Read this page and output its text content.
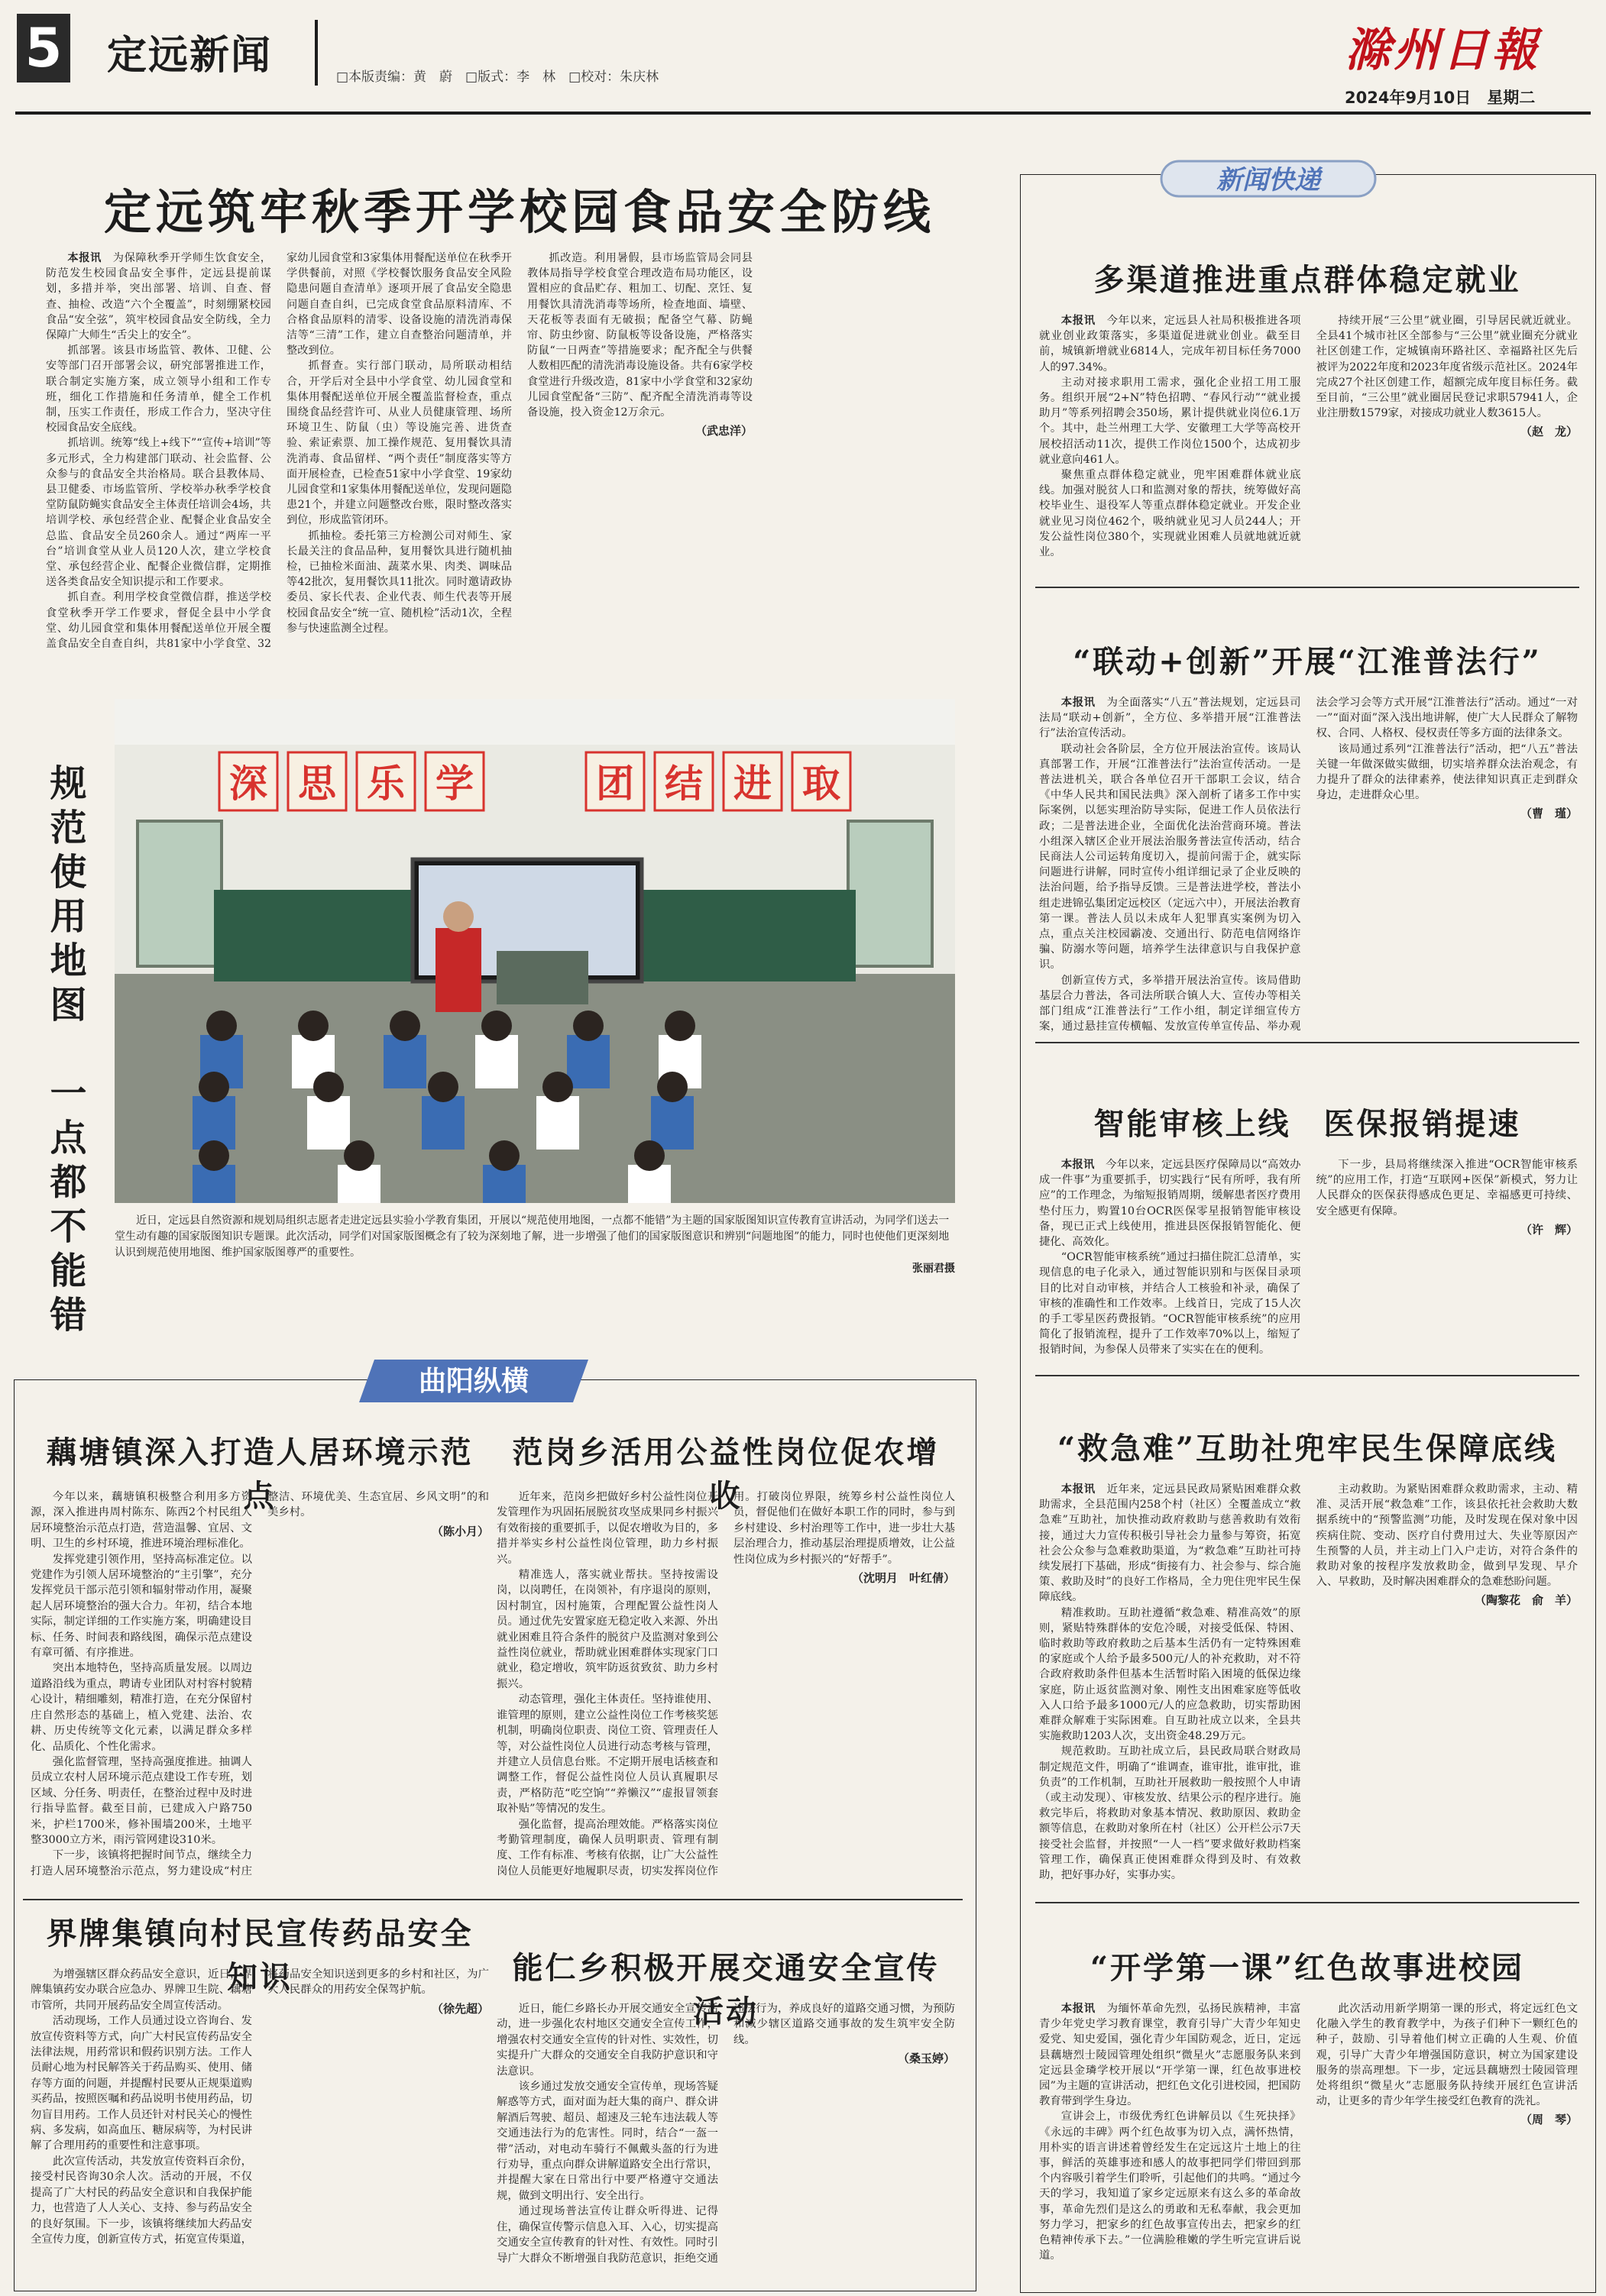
5 定远新闻	□本版责编：黄　蔚　□版式：李　林　□校对：朱庆林	滁州日報
2024年9月10日　星期二
定远筑牢秋季开学校园食品安全防线

本报讯　 为保障秋季开学师生饮食安全，防范发生校园食品安全事件，定远县提前谋划，多措并举，突出部署、培训、自查、督查、抽检、改造“六个全覆盖”，时刻绷紧校园食品“安全弦”，筑牢校园食品安全防线，全力保障广大师生“舌尖上的安全”。

抓部署。该县市场监管、教体、卫健、公安等部门召开部署会议，研究部署推进工作，联合制定实施方案，成立领导小组和工作专班，细化工作措施和任务清单，健全工作机制，压实工作责任，形成工作合力，坚决守住校园食品安全底线。

抓培训。统筹“线上+线下”“宣传+培训”等多元形式，全力构建部门联动、社会监督、公众参与的食品安全共治格局。联合县教体局、县卫健委、市场监管所、学校举办秋季学校食堂防鼠防蝇实食品安全主体责任培训会4场，共培训学校、承包经营企业、配餐企业食品安全总监、食品安全员260余人。通过“两库一平台”培训食堂从业人员120人次，建立学校食堂、承包经营企业、配餐企业微信群，定期推送各类食品安全知识提示和工作要求。

抓自查。利用学校食堂微信群，推送学校食堂秋季开学工作要求，督促全县中小学食堂、幼儿园食堂和集体用餐配送单位开展全覆盖食品安全自查自纠，共81家中小学食堂、32家幼儿园食堂和3家集体用餐配送单位在秋季开学供餐前，对照《学校餐饮服务食品安全风险隐患问题自查清单》逐项开展了食品安全隐患问题自查自纠，已完成食堂食品原料清库、不合格食品原料的清零、设备设施的清洗消毒保洁等“三清”工作，建立自查整治问题清单，并整改到位。

抓督查。实行部门联动，局所联动相结合，开学后对全县中小学食堂、幼儿园食堂和集体用餐配送单位开展全覆盖监督检查，重点围绕食品经营许可、从业人员健康管理、场所环境卫生、防鼠（虫）等设施完善、进货查验、索证索票、加工操作规范、复用餐饮具清洗消毒、食品留样、“两个责任”制度落实等方面开展检查，已检查51家中小学食堂、19家幼儿园食堂和1家集体用餐配送单位，发现问题隐患21个，并建立问题整改台账，限时整改落实到位，形成监管闭环。

抓抽检。委托第三方检测公司对师生、家长最关注的食品品种，复用餐饮具进行随机抽检，已抽检米面油、蔬菜水果、肉类、调味品等42批次，复用餐饮具11批次。同时邀请政协委员、家长代表、企业代表、师生代表等开展校园食品安全“统一宣、随机检”活动1次，全程参与快速监测全过程。

抓改造。利用暑假，县市场监管局会同县教体局指导学校食堂合理改造布局功能区，设置相应的食品贮存、粗加工、切配、烹饪、复用餐饮具清洗消毒等场所，检查地面、墙壁、天花板等表面有无破损；配备空气幕、防蝇帘、防虫纱窗、防鼠板等设备设施，严格落实防鼠“一日两查”等措施要求；配齐配全与供餐人数相匹配的清洗消毒设施设备。共有6家学校食堂进行升级改造，81家中小学食堂和32家幼儿园食堂配备“三防”、配齐配全清洗消毒等设备设施，投入资金12万余元。

（武忠洋）
规范使用地图　一点都不能错	深 思 乐 学	团 结 进 取
近日，定远县自然资源和规划局组织志愿者走进定远县实验小学教育集团，开展以“规范使用地图，一点都不能错”为主题的国家版图知识宣传教育宣讲活动，为同学们送去一堂生动有趣的国家版图知识专题课。此次活动，同学们对国家版图概念有了较为深刻地了解，进一步增强了他们的国家版图意识和辨别“问题地图”的能力，同时也使他们更深刻地认识到规范使用地图、维护国家版图尊严的重要性。
张丽君摄
曲阳纵横
藕塘镇深入打造人居环境示范点

今年以来，藕塘镇积极整合利用多方资源，深入推进冉周村陈东、陈西2个村民组人居环境整治示范点打造，营造温馨、宜居、文明、卫生的乡村环境，推进环境治理标准化。

发挥党建引领作用，坚持高标准定位。以党建作为引领人居环境整治的“主引擎”，充分发挥党员干部示范引领和辐射带动作用，凝聚起人居环境整治的强大合力。年初，结合本地实际，制定详细的工作实施方案，明确建设目标、任务、时间表和路线图，确保示范点建设有章可循、有序推进。

突出本地特色，坚持高质量发展。以周边道路沿线为重点，聘请专业团队对村容村貌精心设计，精细雕刻，精准打造，在充分保留村庄自然形态的基础上，植入党建、法治、农耕、历史传统等文化元素，以满足群众多样化、品质化、个性化需求。

强化监督管理，坚持高强度推进。抽调人员成立农村人居环境示范点建设工作专班，划区域、分任务、明责任，在整治过程中及时进行指导监督。截至目前，已建成入户路750米，护栏1700米，修补围墙200米，土地平整3000立方米，雨污管网建设310米。

下一步，该镇将把握时间节点，继续全力打造人居环境整治示范点，努力建设成“村庄整洁、环境优美、生态宜居、乡风文明”的和美乡村。

（陈小月）
范岗乡活用公益性岗位促农增收

近年来，范岗乡把做好乡村公益性岗位开发管理作为巩固拓展脱贫攻坚成果同乡村振兴有效衔接的重要抓手，以促农增收为目的，多措并举实乡村公益性岗位管理，助力乡村振兴。

精准选人，落实就业帮扶。坚持按需设岗，以岗聘任，在岗领补，有序退岗的原则，因村制宜，因村施策，合理配置公益性岗人员。通过优先安置家庭无稳定收入来源、外出就业困难且符合条件的脱贫户及监测对象到公益性岗位就业，帮助就业困难群体实现家门口就业，稳定增收，筑牢防返贫致贫、助力乡村振兴。

动态管理，强化主体责任。坚持谁使用、谁管理的原则，建立公益性岗位工作考核奖惩机制，明确岗位职责、岗位工资、管理责任人等，对公益性岗位人员进行动态考核与管理，并建立人员信息台账。不定期开展电话核查和调整工作，督促公益性岗位人员认真履职尽责，严格防范“吃空饷”“养懒汉”“虚报冒领套取补贴”等情况的发生。

强化监督，提高治理效能。严格落实岗位考勤管理制度，确保人员明职责、管理有制度、工作有标准、考核有依据，让广大公益性岗位人员能更好地履职尽责，切实发挥岗位作用。打破岗位界限，统筹乡村公益性岗位人员，督促他们在做好本职工作的同时，参与到乡村建设、乡村治理等工作中，进一步壮大基层治理合力，推动基层治理提质增效，让公益性岗位成为乡村振兴的“好帮手”。

（沈明月　叶红倩）
界牌集镇向村民宣传药品安全知识

为增强辖区群众药品安全意识，近日，界牌集镇药安办联合应急办、界牌卫生院、藕塘市管所，共同开展药品安全周宣传活动。

活动现场，工作人员通过设立咨询台、发放宣传资料等方式，向广大村民宣传药品安全法律法规，用药常识和假药识别方法。工作人员耐心地为村民解答关于药品购买、使用、储存等方面的问题，并提醒村民要从正规渠道购买药品，按照医嘱和药品说明书使用药品，切勿盲目用药。工作人员还针对村民关心的慢性病、多发病，如高血压、糖尿病等，为村民讲解了合理用药的重要性和注意事项。

此次宣传活动，共发放宣传资料百余份，接受村民咨询30余人次。活动的开展，不仅提高了广大村民的药品安全意识和自我保护能力，也营造了人人关心、支持、参与药品安全的良好氛围。下一步，该镇将继续加大药品安全宣传力度，创新宣传方式，拓宽宣传渠道，将药品安全知识送到更多的乡村和社区，为广大人民群众的用药安全保驾护航。

（徐先超）
能仁乡积极开展交通安全宣传活动

近日，能仁乡路长办开展交通安全宣传活动，进一步强化农村地区交通安全宣传工作，增强农村交通安全宣传的针对性、实效性，切实提升广大群众的交通安全自我防护意识和守法意识。

该乡通过发放交通安全宣传单，现场答疑解惑等方式，面对面为赶大集的商户、群众讲解酒后驾驶、超员、超速及三轮车违法载人等交通违法行为的危害性。同时，结合“一盔一带”活动，对电动车骑行不佩戴头盔的行为进行劝导，重点向群众讲解道路安全出行常识，并提醒大家在日常出行中要严格遵守交通法规，做到文明出行、安全出行。

通过现场普法宣传让群众听得进、记得住，确保宣传警示信息入耳、入心，切实提高交通安全宣传教育的针对性、有效性。同时引导广大群众不断增强自我防范意识，拒绝交通违法行为，养成良好的道路交通习惯，为预防和减少辖区道路交通事故的发生筑牢安全防线。

（桑玉婷）
新闻快递
多渠道推进重点群体稳定就业

本报讯　 今年以来，定远县人社局积极推进各项就业创业政策落实，多渠道促进就业创业。截至目前，城镇新增就业6814人，完成年初目标任务7000人的97.34%。

主动对接求职用工需求，强化企业招工用工服务。组织开展“2+N”特色招聘、“春风行动”“就业援助月”等系列招聘会350场，累计提供就业岗位6.1万个。其中，赴兰州理工大学、安徽理工大学等高校开展校招活动11次，提供工作岗位1500个，达成初步就业意向461人。

聚焦重点群体稳定就业，兜牢困难群体就业底线。加强对脱贫人口和监测对象的帮扶，统筹做好高校毕业生、退役军人等重点群体稳定就业。开发企业就业见习岗位462个，吸纳就业见习人员244人；开发公益性岗位380个，实现就业困难人员就地就近就业。

持续开展“三公里”就业圈，引导居民就近就业。全县41个城市社区全部参与“三公里”就业圈充分就业社区创建工作，定城镇南环路社区、幸福路社区先后被评为2022年度和2023年度省级示范社区。2024年完成27个社区创建工作，超额完成年度目标任务。截至目前，“三公里”就业圈居民登记求职57941人，企业注册数1579家，对接成功就业人数3615人。

（赵　龙）
“联动+创新”开展“江淮普法行”

本报讯　 为全面落实“八五”普法规划，定远县司法局“联动+创新”，全方位、多举措开展“江淮普法行”法治宣传活动。

联动社会各阶层，全方位开展法治宣传。该局认真部署工作，开展“江淮普法行”法治宣传活动。一是普法进机关，联合各单位召开干部职工会议，结合《中华人民共和国民法典》深入剖析了诸多工作中实际案例，以惩实理治防导实际，促进工作人员依法行政；二是普法进企业，全面优化法治营商环境。普法小组深入辖区企业开展法治服务普法宣传活动，结合民商法人公司运转角度切入，提前问需于企，就实际问题进行讲解，同时宣传小组详细记录了企业反映的法治问题，给予指导反馈。三是普法进学校，普法小组走进锦弘集团定远校区（定远六中），开展法治教育第一课。普法人员以未成年人犯罪真实案例为切入点，重点关注校园霸凌、交通出行、防范电信网络诈骗、防溺水等问题，培养学生法律意识与自我保护意识。

创新宣传方式，多举措开展法治宣传。该局借助基层合力普法，各司法所联合镇人大、宣传办等相关部门组成“江淮普法行”工作小组，制定详细宣传方案，通过悬挂宣传横幅、发放宣传单宣传品、举办观法会学习会等方式开展“江淮普法行”活动。通过“一对一”“面对面”深入浅出地讲解，使广大人民群众了解物权、合同、人格权、侵权责任等多方面的法律条文。

该局通过系列“江淮普法行”活动，把“八五”普法关键一年做深做实做细，切实培养群众法治观念，有力提升了群众的法律素养，使法律知识真正走到群众身边，走进群众心里。

（曹　瑾）
智能审核上线　医保报销提速

本报讯　 今年以来，定远县医疗保障局以“高效办成一件事”为重要抓手，切实践行“民有所呼，我有所应”的工作理念，为缩短报销周期，缓解患者医疗费用垫付压力，购置10台OCR医保零星报销智能审核设备，现已正式上线使用，推进县医保报销智能化、便捷化、高效化。

“OCR智能审核系统”通过扫描住院汇总清单，实现信息的电子化录入，通过智能识别和与医保目录项目的比对自动审核，并结合人工核验和补录，确保了审核的准确性和工作效率。上线首日，完成了15人次的手工零星医药费报销。“OCR智能审核系统”的应用简化了报销流程，提升了工作效率70%以上，缩短了报销时间，为参保人员带来了实实在在的便利。

下一步，县局将继续深入推进“OCR智能审核系统”的应用工作，打造“互联网+医保”新模式，努力让人民群众的医保获得感成色更足、幸福感更可持续、安全感更有保障。

（许　辉）
“救急难”互助社兜牢民生保障底线

本报讯　 近年来，定远县民政局紧贴困难群众救助需求，全县范围内258个村（社区）全覆盖成立“救急难”互助社，加快推动政府救助与慈善救助有效衔接，通过大力宣传积极引导社会力量参与筹资，拓宽社会公众参与急难救助渠道，为“救急难”互助社可持续发展打下基础，形成“街接有力、社会参与、综合施策、救助及时”的良好工作格局，全力兜住兜牢民生保障底线。

精准救助。互助社遵循“救急难、精准高效”的原则，紧贴特殊群体的安危冷暖，对接受低保、特困、临时救助等政府救助之后基本生活仍有一定特殊困难的家庭或个人给予最多500元/人的补充救助，对不符合政府救助条件但基本生活暂时陷入困境的低保边缘家庭，防止返贫监测对象、刚性支出困难家庭等低收入人口给予最多1000元/人的应急救助，切实帮助困难群众解难于实际困难。自互助社成立以来，全县共实施救助1203人次，支出资金48.29万元。

规范救助。互助社成立后，县民政局联合财政局制定规范文件，明确了“谁调查，谁审批，谁审批，谁负责”的工作机制，互助社开展救助一般按照个人申请（或主动发现）、审核发放、结果公示的程序进行。施救完毕后，将救助对象基本情况、救助原因、救助金额等信息，在救助对象所在村（社区）公开栏公示7天接受社会监督，并按照“一人一档”要求做好救助档案管理工作，确保真正使困难群众得到及时、有效救助，把好事办好，实事办实。

主动救助。为紧贴困难群众救助需求，主动、精准、灵活开展“救急难”工作，该县依托社会救助大数据系统中的“预警监测”功能，及时发现在保对象中因疾病住院、变动、医疗自付费用过大、失业等原因产生预警的人员，并主动上门入户走访，对符合条件的救助对象的按程序发放救助金，做到早发现、早介入、早救助，及时解决困难群众的急难愁盼问题。

（陶黎花　俞　羊）
“开学第一课”红色故事进校园

本报讯　 为缅怀革命先烈，弘扬民族精神，丰富青少年党史学习教育课堂，教育引导广大青少年知史爱党、知史爱国，强化青少年国防观念，近日，定远县藕塘烈士陵园管理处组织“微星火”志愿服务队来到定远县金璘学校开展以“开学第一课，红色故事进校园”为主题的宣讲活动，把红色文化引进校园，把国防教育带到学生身边。

宣讲会上，市级优秀红色讲解员以《生死抉择》《永远的丰碑》两个红色故事为切入点，满怀热情，用朴实的语言讲述着曾经发生在定远这片土地上的往事，鲜活的英雄事迹和感人的故事把同学们带回到那个内容吸引着学生们聆听，引起他们的共鸣。“通过今天的学习，我知道了家乡定远原来有这么多的革命故事，革命先烈们是这么的勇敢和无私奉献，我会更加努力学习，把家乡的红色故事宣传出去，把家乡的红色精神传承下去。”一位满脸稚嫩的学生听完宣讲后说道。

此次活动用新学期第一课的形式，将定远红色文化融入学生的教育教学中，为孩子们种下一颗红色的种子，鼓励、引导着他们树立正确的人生观、价值观，引导广大青少年增强国防意识，树立为国家建设服务的崇高理想。下一步，定远县藕塘烈士陵园管理处将组织“微星火”志愿服务队持续开展红色宣讲活动，让更多的青少年学生接受红色教育的洗礼。

（周　琴）
